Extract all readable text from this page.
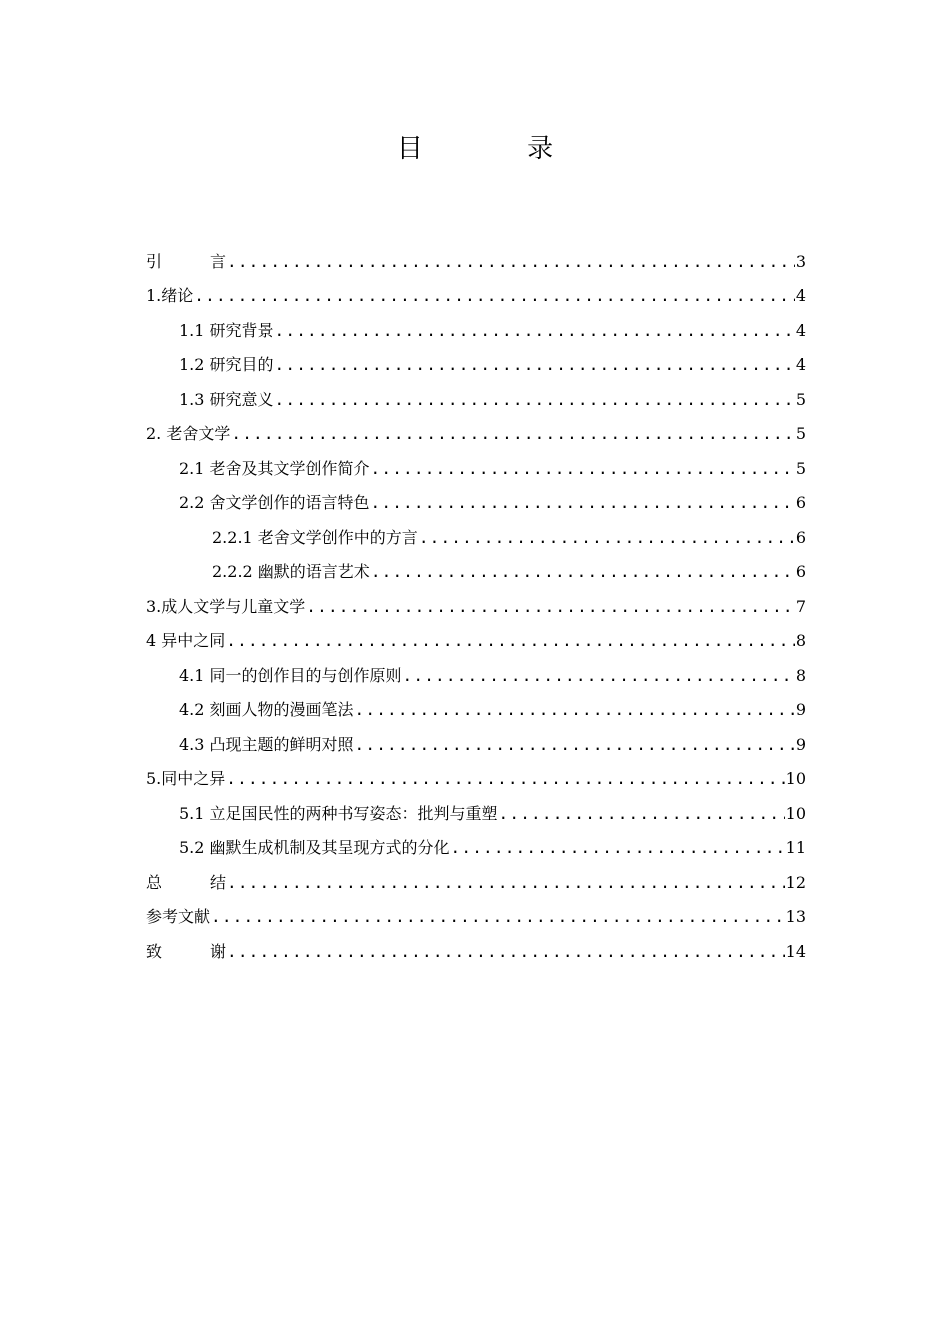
目 录
引 言 .....	3
1.绪论 .....	4
1.1 研究背景 .....	4
1.2 研究目的 .....	4
1.3 研究意义 .....	5
2. 老舍文学 .....	5
2.1 老舍及其文学创作简介 .....	5
2.2 舍文学创作的语言特色 .....	6
2.2.1 老舍文学创作中的方言 .....	6
2.2.2 幽默的语言艺术 .....	6
3.成人文学与儿童文学 .....	7
4 异中之同 .....	8
4.1 同一的创作目的与创作原则 .....	8
4.2 刻画人物的漫画笔法 .....	9
4.3 凸现主题的鲜明对照 .....	9
5.同中之异 .....	10
5.1 立足国民性的两种书写姿态：批判与重塑 .....	10
5.2 幽默生成机制及其呈现方式的分化 .....	11
总 结 .....	12
参考文献 .....	13
致 谢 .....	14
